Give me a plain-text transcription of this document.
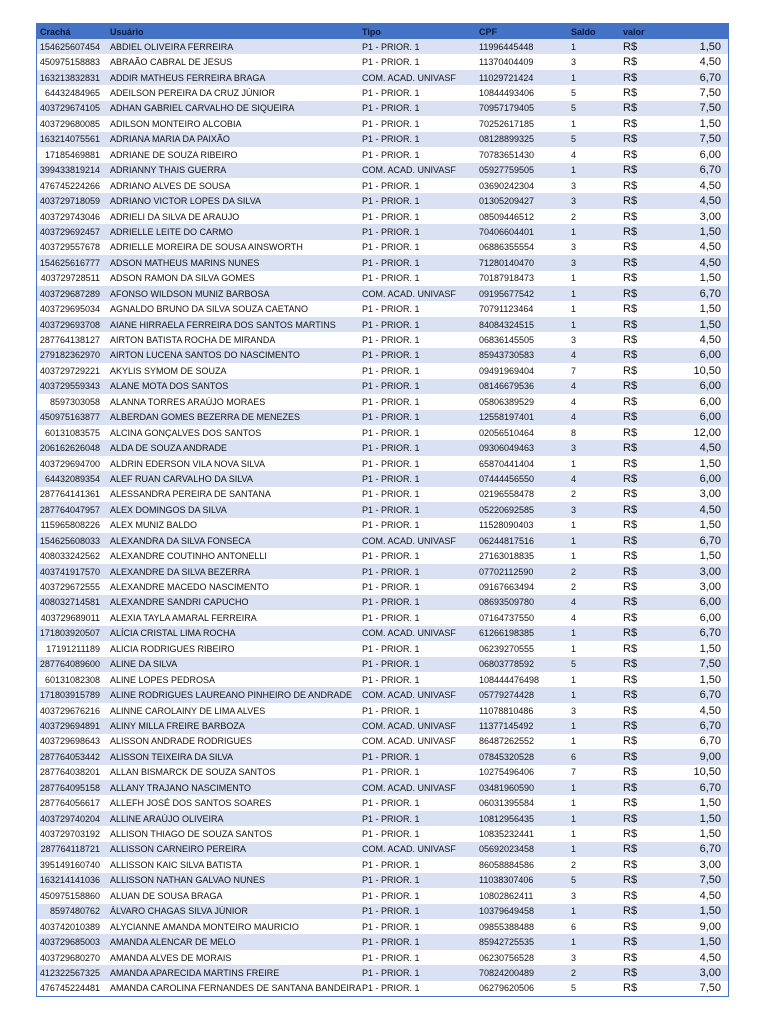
Crachá	Usuário	Tipo	CPF	Saldo	valor
154625607454	ABDIEL OLIVEIRA FERREIRA	P1 - PRIOR. 1	11996445448	1	R$	1,50
450975158883	ABRAÃO CABRAL DE JESUS	P1 - PRIOR. 1	11370404409	3	R$	4,50
163213832831	ADDIR MATHEUS FERREIRA BRAGA	COM. ACAD. UNIVASF	11029721424	1	R$	6,70
64432484965	ADEILSON PEREIRA DA CRUZ JÚNIOR	P1 - PRIOR. 1	10844493406	5	R$	7,50
403729674105	ADHAN GABRIEL CARVALHO DE SIQUEIRA	P1 - PRIOR. 1	70957179405	5	R$	7,50
403729680085	ADILSON MONTEIRO ALCOBIA	P1 - PRIOR. 1	70252617185	1	R$	1,50
163214075561	ADRIANA MARIA DA PAIXÃO	P1 - PRIOR. 1	08128899325	5	R$	7,50
17185469881	ADRIANE DE SOUZA RIBEIRO	P1 - PRIOR. 1	70783651430	4	R$	6,00
399433819214	ADRIANNY THAIS GUERRA	COM. ACAD. UNIVASF	05927759505	1	R$	6,70
476745224266	ADRIANO ALVES DE SOUSA	P1 - PRIOR. 1	03690242304	3	R$	4,50
403729718059	ADRIANO VICTOR LOPES DA SILVA	P1 - PRIOR. 1	01305209427	3	R$	4,50
403729743046	ADRIELI DA SILVA DE ARAUJO	P1 - PRIOR. 1	08509446512	2	R$	3,00
403729692457	ADRIELLE LEITE DO CARMO	P1 - PRIOR. 1	70406604401	1	R$	1,50
403729557678	ADRIELLE MOREIRA DE SOUSA AINSWORTH	P1 - PRIOR. 1	06886355554	3	R$	4,50
154625616777	ADSON MATHEUS MARINS NUNES	P1 - PRIOR. 1	71280140470	3	R$	4,50
403729728511	ADSON RAMON DA SILVA GOMES	P1 - PRIOR. 1	70187918473	1	R$	1,50
403729687289	AFONSO WILDSON MUNIZ BARBOSA	COM. ACAD. UNIVASF	09195677542	1	R$	6,70
403729695034	AGNALDO BRUNO DA SILVA SOUZA CAETANO	P1 - PRIOR. 1	70791123464	1	R$	1,50
403729693708	AIANE HIRRAELA FERREIRA DOS SANTOS MARTINS	P1 - PRIOR. 1	84084324515	1	R$	1,50
287764138127	AIRTON BATISTA ROCHA DE MIRANDA	P1 - PRIOR. 1	06836145505	3	R$	4,50
279182362970	AIRTON LUCENA SANTOS DO NASCIMENTO	P1 - PRIOR. 1	85943730583	4	R$	6,00
403729729221	AKYLIS SYMOM DE SOUZA	P1 - PRIOR. 1	09491969404	7	R$	10,50
403729559343	ALANE MOTA DOS SANTOS	P1 - PRIOR. 1	08146679536	4	R$	6,00
8597303058	ALANNA TORRES ARAÚJO MORAES	P1 - PRIOR. 1	05806389529	4	R$	6,00
450975163877	ALBERDAN GOMES BEZERRA DE MENEZES	P1 - PRIOR. 1	12558197401	4	R$	6,00
60131083575	ALCINA GONÇALVES DOS SANTOS	P1 - PRIOR. 1	02056510464	8	R$	12,00
206162626048	ALDA DE SOUZA ANDRADE	P1 - PRIOR. 1	09306049463	3	R$	4,50
403729694700	ALDRIN EDERSON VILA NOVA SILVA	P1 - PRIOR. 1	65870441404	1	R$	1,50
64432089354	ALEF RUAN CARVALHO DA SILVA	P1 - PRIOR. 1	07444456550	4	R$	6,00
287764141361	ALESSANDRA PEREIRA DE SANTANA	P1 - PRIOR. 1	02196558478	2	R$	3,00
287764047957	ALEX DOMINGOS DA SILVA	P1 - PRIOR. 1	05220692585	3	R$	4,50
115965808226	ALEX MUNIZ BALDO	P1 - PRIOR. 1	11528090403	1	R$	1,50
154625608033	ALEXANDRA DA SILVA FONSECA	COM. ACAD. UNIVASF	06244817516	1	R$	6,70
408033242562	ALEXANDRE COUTINHO ANTONELLI	P1 - PRIOR. 1	27163018835	1	R$	1,50
403741917570	ALEXANDRE DA SILVA BEZERRA	P1 - PRIOR. 1	07702112590	2	R$	3,00
403729672555	ALEXANDRE MACEDO NASCIMENTO	P1 - PRIOR. 1	09167663494	2	R$	3,00
408032714581	ALEXANDRE SANDRI CAPUCHO	P1 - PRIOR. 1	08693509780	4	R$	6,00
403729689011	ALEXIA TAYLA AMARAL FERREIRA	P1 - PRIOR. 1	07164737550	4	R$	6,00
171803920507	ALÍCIA CRISTAL LIMA ROCHA	COM. ACAD. UNIVASF	61266198385	1	R$	6,70
17191211189	ALICIA RODRIGUES RIBEIRO	P1 - PRIOR. 1	06239270555	1	R$	1,50
287764089600	ALINE DA SILVA	P1 - PRIOR. 1	06803778592	5	R$	7,50
60131082308	ALINE LOPES PEDROSA	P1 - PRIOR. 1	108444476498	1	R$	1,50
171803915789	ALINE RODRIGUES LAUREANO PINHEIRO DE ANDRADE	COM. ACAD. UNIVASF	05779274428	1	R$	6,70
403729676216	ALINNE CAROLAINY DE LIMA ALVES	P1 - PRIOR. 1	11078810486	3	R$	4,50
403729694891	ALINY MILLA FREIRE BARBOZA	COM. ACAD. UNIVASF	11377145492	1	R$	6,70
403729698643	ALISSON ANDRADE RODRIGUES	COM. ACAD. UNIVASF	86487262552	1	R$	6,70
287764053442	ALISSON TEIXEIRA DA SILVA	P1 - PRIOR. 1	07845320528	6	R$	9,00
287764038201	ALLAN BISMARCK DE SOUZA SANTOS	P1 - PRIOR. 1	10275496406	7	R$	10,50
287764095158	ALLANY TRAJANO NASCIMENTO	COM. ACAD. UNIVASF	03481960590	1	R$	6,70
287764056617	ALLEFH JOSÉ DOS SANTOS SOARES	P1 - PRIOR. 1	06031395584	1	R$	1,50
403729740204	ALLINE ARAÚJO OLIVEIRA	P1 - PRIOR. 1	10812956435	1	R$	1,50
403729703192	ALLISON THIAGO DE SOUZA SANTOS	P1 - PRIOR. 1	10835232441	1	R$	1,50
287764118721	ALLISSON CARNEIRO PEREIRA	COM. ACAD. UNIVASF	05692023458	1	R$	6,70
395149160740	ALLISSON KAIC SILVA BATISTA	P1 - PRIOR. 1	86058884586	2	R$	3,00
163214141036	ALLISSON NATHAN GALVAO NUNES	P1 - PRIOR. 1	11038307406	5	R$	7,50
450975158860	ALUAN DE SOUSA BRAGA	P1 - PRIOR. 1	10802862411	3	R$	4,50
8597480762	ÁLVARO CHAGAS SILVA JÚNIOR	P1 - PRIOR. 1	10379649458	1	R$	1,50
403742010389	ALYCIANNE AMANDA MONTEIRO MAURICIO	P1 - PRIOR. 1	09855388488	6	R$	9,00
403729685003	AMANDA ALENCAR DE MELO	P1 - PRIOR. 1	85942725535	1	R$	1,50
403729680270	AMANDA ALVES DE MORAIS	P1 - PRIOR. 1	06230756528	3	R$	4,50
412322567325	AMANDA APARECIDA MARTINS FREIRE	P1 - PRIOR. 1	70824200489	2	R$	3,00
476745224481	AMANDA CAROLINA FERNANDES DE SANTANA BANDEIRA P1 - PRIOR. 1	06279620506	5	R$	7,50
